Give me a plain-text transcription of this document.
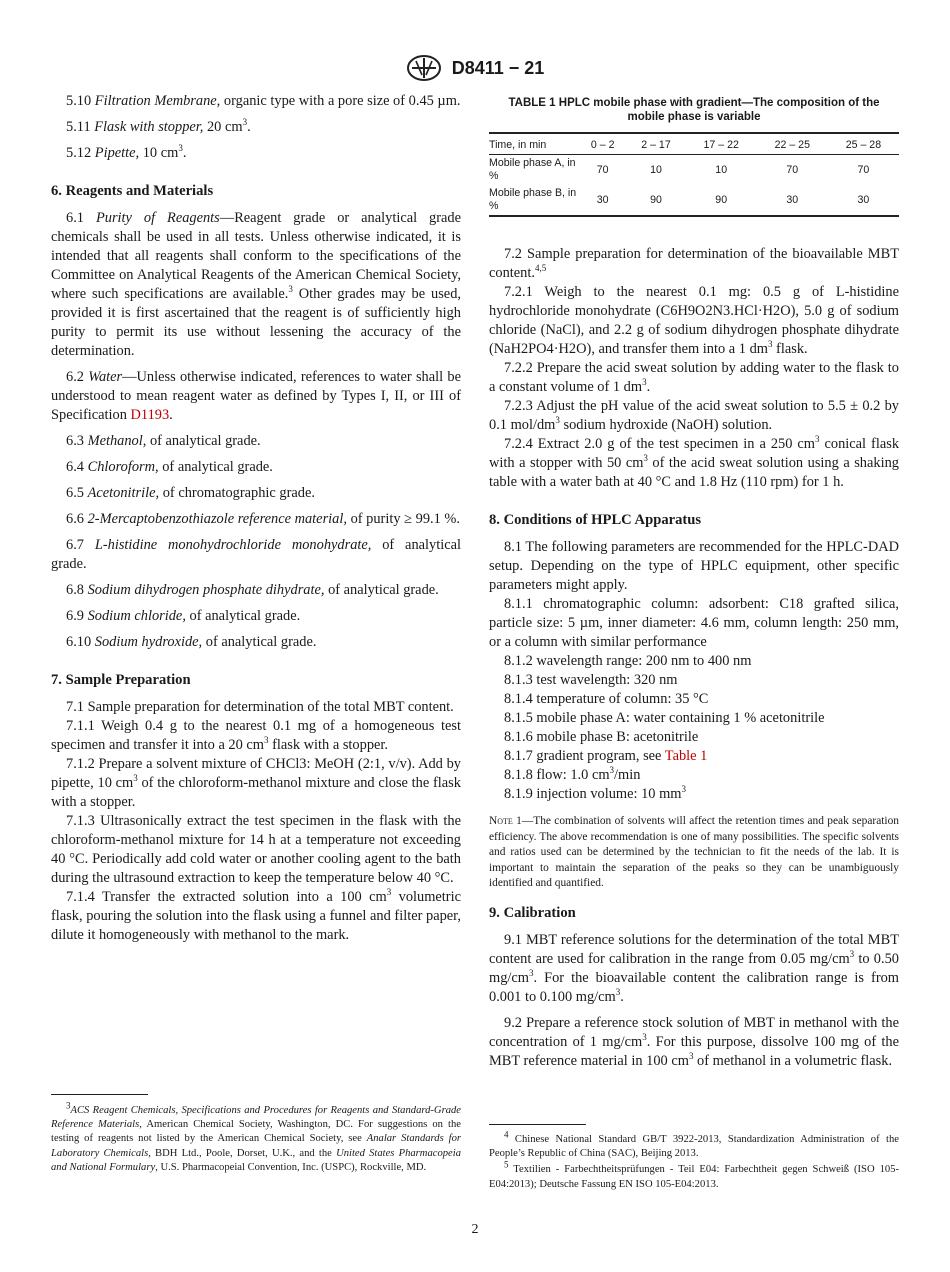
D8411 − 21

5.10 Filtration Membrane, organic type with a pore size of 0.45 µm.

5.11 Flask with stopper, 20 $cm^3$.

5.12 Pipette, 10 $cm^3$.

6. Reagents and Materials

6.1 Purity of Reagents—Reagent grade or analytical grade chemicals shall be used in all tests. Unless otherwise indicated, it is intended that all reagents shall conform to the specifications of the Committee on Analytical Reagents of the American Chemical Society, where such specifications are available.$^3$ Other grades may be used, provided it is first ascertained that the reagent is of sufficiently high purity to permit its use without lessening the accuracy of the determination.

6.2 Water—Unless otherwise indicated, references to water shall be understood to mean reagent water as defined by Types I, II, or III of Specification D1193.

6.3 Methanol, of analytical grade.

6.4 Chloroform, of analytical grade.

6.5 Acetonitrile, of chromatographic grade.

6.6 2-Mercaptobenzothiazole reference material, of purity ≥ 99.1 %.

6.7 L-histidine monohydrochloride monohydrate, of analytical grade.

6.8 Sodium dihydrogen phosphate dihydrate, of analytical grade.

6.9 Sodium chloride, of analytical grade.

6.10 Sodium hydroxide, of analytical grade.

7. Sample Preparation

7.1 Sample preparation for determination of the total MBT content.

7.1.1 Weigh 0.4 g to the nearest 0.1 mg of a homogeneous test specimen and transfer it into a 20 $cm^3$ flask with a stopper.

7.1.2 Prepare a solvent mixture of CHCl3: MeOH (2:1, v/v). Add by pipette, 10 $cm^3$ of the chloroform-methanol mixture and close the flask with a stopper.

7.1.3 Ultrasonically extract the test specimen in the flask with the chloroform-methanol mixture for 14 h at a temperature not exceeding 40 °C. Periodically add cold water or another cooling agent to the bath during the ultrasound extraction to keep the temperature below 40 °C.

7.1.4 Transfer the extracted solution into a 100 $cm^3$ volumetric flask, pouring the solution into the flask using a funnel and filter paper, dilute it homogeneously with methanol to the mark.

$^3$ACS Reagent Chemicals, Specifications and Procedures for Reagents and Standard-Grade Reference Materials, American Chemical Society, Washington, DC. For suggestions on the testing of reagents not listed by the American Chemical Society, see Analar Standards for Laboratory Chemicals, BDH Ltd., Poole, Dorset, U.K., and the United States Pharmacopeia and National Formulary, U.S. Pharmacopeial Convention, Inc. (USPC), Rockville, MD.

TABLE 1 HPLC mobile phase with gradient—The composition of the mobile phase is variable
Time, in min	0 – 2	2 – 17	17 – 22	22 – 25	25 – 28
Mobile phase A, in %	70	10	10	70	70
Mobile phase B, in %	30	90	90	30	30

7.2 Sample preparation for determination of the bioavailable MBT content.$^{4,5}$

7.2.1 Weigh to the nearest 0.1 mg: 0.5 g of L-histidine hydrochloride monohydrate (C6H9O2N3.HCl·H2O), 5.0 g of sodium chloride (NaCl), and 2.2 g of sodium dihydrogen phosphate dihydrate (NaH2PO4·H2O), and transfer them into a 1 $dm^3$ flask.

7.2.2 Prepare the acid sweat solution by adding water to the flask to a constant volume of 1 $dm^3$.

7.2.3 Adjust the pH value of the acid sweat solution to 5.5 ± 0.2 by 0.1 mol/$dm^3$ sodium hydroxide (NaOH) solution.

7.2.4 Extract 2.0 g of the test specimen in a 250 $cm^3$ conical flask with a stopper with 50 $cm^3$ of the acid sweat solution using a shaking table with a water bath at 40 °C and 1.8 Hz (110 rpm) for 1 h.

8. Conditions of HPLC Apparatus

8.1 The following parameters are recommended for the HPLC-DAD setup. Depending on the type of HPLC equipment, other specific parameters might apply.

8.1.1 chromatographic column: adsorbent: C18 grafted silica, particle size: 5 µm, inner diameter: 4.6 mm, column length: 250 mm, or a column with similar performance

8.1.2 wavelength range: 200 nm to 400 nm

8.1.3 test wavelength: 320 nm

8.1.4 temperature of column: 35 °C

8.1.5 mobile phase A: water containing 1 % acetonitrile

8.1.6 mobile phase B: acetonitrile

8.1.7 gradient program, see Table 1

8.1.8 flow: 1.0 $cm^3/\min$

8.1.9 injection volume: 10 $mm^3$

Note 1—The combination of solvents will affect the retention times and peak separation efficiency. The above recommendation is one of many possibilities. The specific solvents and ratios used can be determined by the technician to fit the needs of the lab. It is important to maintain the separation of the peaks so they can be unambiguously identified and quantified.
9. Calibration

9.1 MBT reference solutions for the determination of the total MBT content are used for calibration in the range from 0.05 $mg/cm^3$ to 0.50 $mg/cm^3$. For the bioavailable content the calibration range is from 0.001 to 0.100 $mg/cm^3$.

9.2 Prepare a reference stock solution of MBT in methanol with the concentration of 1 $mg/cm^3$. For this purpose, dissolve 100 mg of the MBT reference material in 100 $cm^3$ of methanol in a volumetric flask.

$^4$ Chinese National Standard GB/T 3922-2013, Standardization Administration of the People’s Republic of China (SAC), Beijing 2013.

$^5$ Textilien - Farbechtheitsprüfungen - Teil E04: Farbechtheit gegen Schweiß (ISO 105-E04:2013); Deutsche Fassung EN ISO 105-E04:2013.

2
